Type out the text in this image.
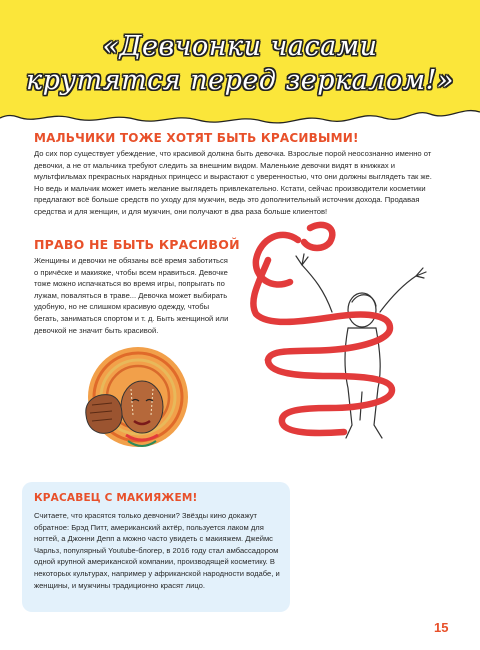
«Девчонки часами
крутятся перед зеркалом!»
МАЛЬЧИКИ ТОЖЕ ХОТЯТ БЫТЬ КРАСИВЫМИ!

До сих пор существует убеждение, что красивой должна быть девочка. Взрослые порой неосознанно именно от девочки, а не от мальчика требуют следить за внешним видом. Маленькие девочки видят в книжках и мультфильмах прекрасных нарядных принцесс и вырастают с уверенностью, что они должны выглядеть так же. Но ведь и мальчик может иметь желание выглядеть привлекательно. Кстати, сейчас производители косметики предлагают всё больше средств по уходу для мужчин, ведь это дополнительный источник дохода. Продавая средства и для женщин, и для мужчин, они получают в два раза больше клиентов!

ПРАВО НЕ БЫТЬ КРАСИВОЙ

Женщины и девочки не обязаны всё время заботиться о причёске и макияже, чтобы всем нравиться. Девочке тоже можно испачкаться во время игры, попрыгать по лужам, поваляться в траве... Девочка может выбирать удобную, но не слишком красивую одежду, чтобы бегать, заниматься спортом и т. д. Быть женщиной или девочкой не значит быть красивой.

КРАСАВЕЦ С МАКИЯЖЕМ!

Считаете, что красятся только девчонки? Звёзды кино докажут обратное: Брэд Питт, американский актёр, пользуется лаком для ногтей, а Джонни Депп а можно часто увидеть с макияжем. Джеймс Чарльз, популярный Youtube-блогер, в 2016 году стал амбассадором одной крупной американской компании, производящей косметику. В некоторых культурах, например у африканской народности водабе, и женщины, и мужчины традиционно красят лицо.

15
